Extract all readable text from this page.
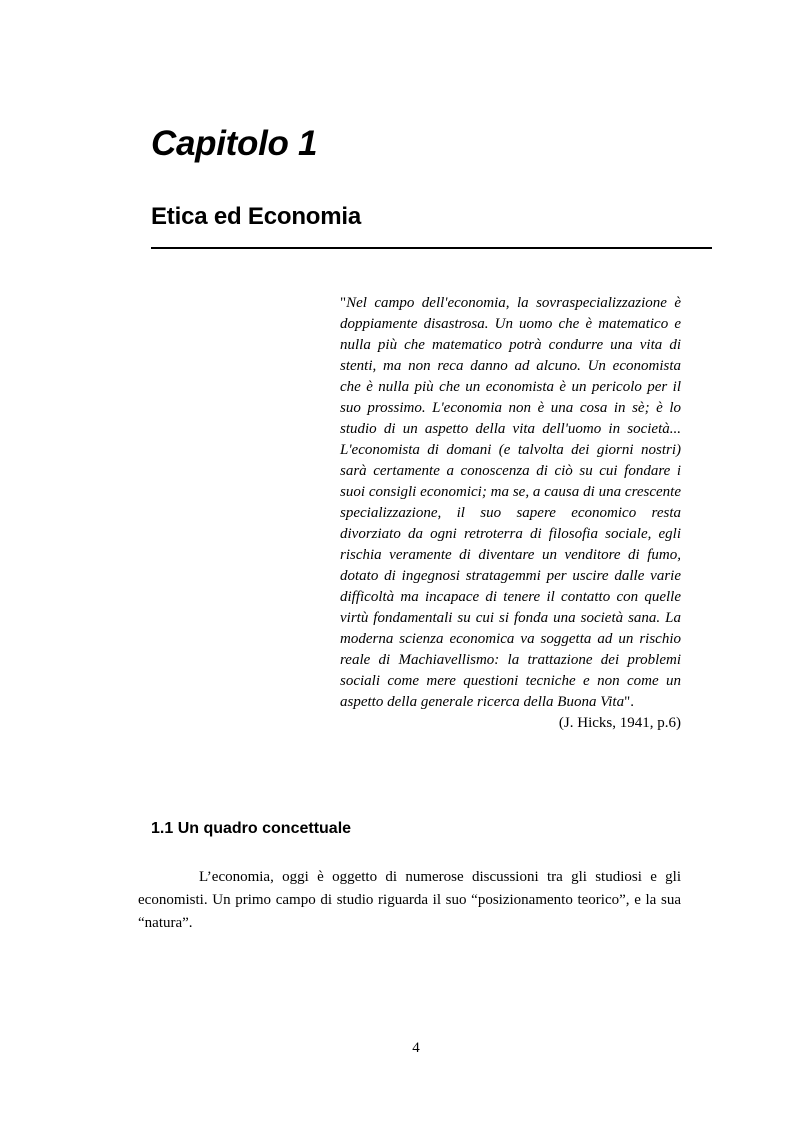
Capitolo 1
Etica ed Economia

"Nel campo dell'economia, la sovraspecializzazione è doppiamente disastrosa. Un uomo che è matematico e nulla più che matematico potrà condurre una vita di stenti, ma non reca danno ad alcuno. Un economista che è nulla più che un economista è un pericolo per il suo prossimo. L'economia non è una cosa in sè; è lo studio di un aspetto della vita dell'uomo in società... L'economista di domani (e talvolta dei giorni nostri) sarà certamente a conoscenza di ciò su cui fondare i suoi consigli economici; ma se, a causa di una crescente specializzazione, il suo sapere economico resta divorziato da ogni retroterra di filosofia sociale, egli rischia veramente di diventare un venditore di fumo, dotato di ingegnosi stratagemmi per uscire dalle varie difficoltà ma incapace di tenere il contatto con quelle virtù fondamentali su cui si fonda una società sana. La moderna scienza economica va soggetta ad un rischio reale di Machiavellismo: la trattazione dei problemi sociali come mere questioni tecniche e non come un aspetto della generale ricerca della Buona Vita".

(J. Hicks, 1941, p.6)

1.1 Un quadro concettuale

L’economia, oggi è oggetto di numerose discussioni tra gli studiosi e gli economisti. Un primo campo di studio riguarda il suo “posizionamento teorico”, e la sua “natura”.

4
